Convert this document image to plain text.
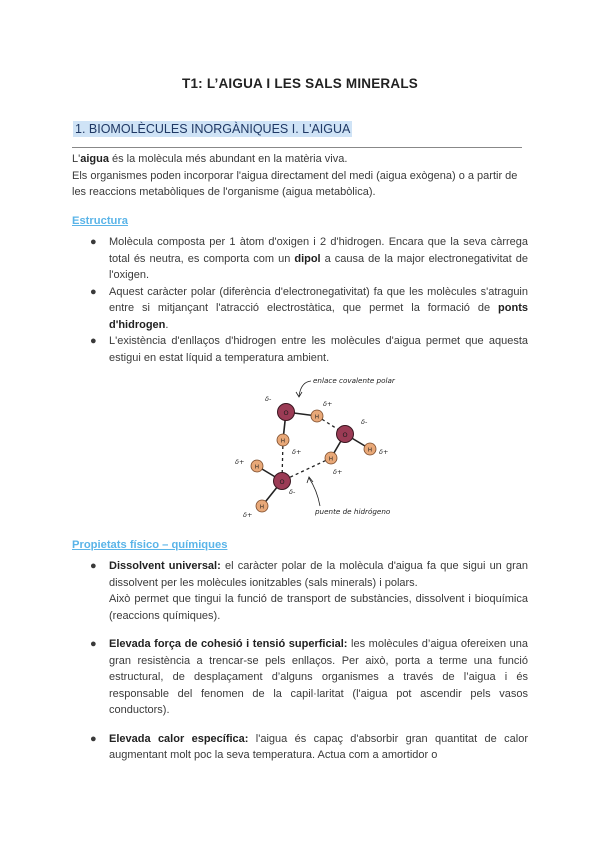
T1: L’AIGUA I LES SALS MINERALS
1. BIOMOLÈCULES INORGÀNIQUES I. L'AIGUA
L'aigua és la molècula més abundant en la matèria viva.
Els organismes poden incorporar l'aigua directament del medi (aigua exògena) o a partir de les reaccions metabòliques de l'organisme (aigua metabòlica).
Estructura
● Molècula composta per 1 àtom d'oxigen i 2 d'hidrogen. Encara que la seva càrrega total és neutra, es comporta com un dipol a causa de la major electronegativitat de l'oxigen.
● Aquest caràcter polar (diferència d'electronegativitat) fa que les molècules s'atraguin entre si mitjançant l'atracció electrostàtica, que permet la formació de ponts d'hidrogen.
● L'existència d'enllaços d'hidrogen entre les molècules d'aigua permet que aquesta estigui en estat líquid a temperatura ambient.
O
O
O
H
H
H
H
H
H
δ-
δ+
δ-
δ+
δ+
δ+
δ+
δ-
δ+
enlace covalente polar
puente de hidrógeno
Propietats físico – químiques
● Dissolvent universal: el caràcter polar de la molècula d'aigua fa que sigui un gran dissolvent per les molècules ionitzables (sals minerals) i polars.

Això permet que tingui la funció de transport de substàncies, dissolvent i bioquímica (reaccions químiques).

● Elevada força de cohesió i tensió superficial: les molècules d’aigua ofereixen una gran resistència a trencar-se pels enllaços. Per això, porta a terme una funció estructural, de desplaçament d’alguns organismes a través de l’aigua i és responsable del fenomen de la capil·laritat (l'aigua pot ascendir pels vasos conductors).
● Elevada calor específica: l'aigua és capaç d'absorbir gran quantitat de calor augmentant molt poc la seva temperatura. Actua com a amortidor o
